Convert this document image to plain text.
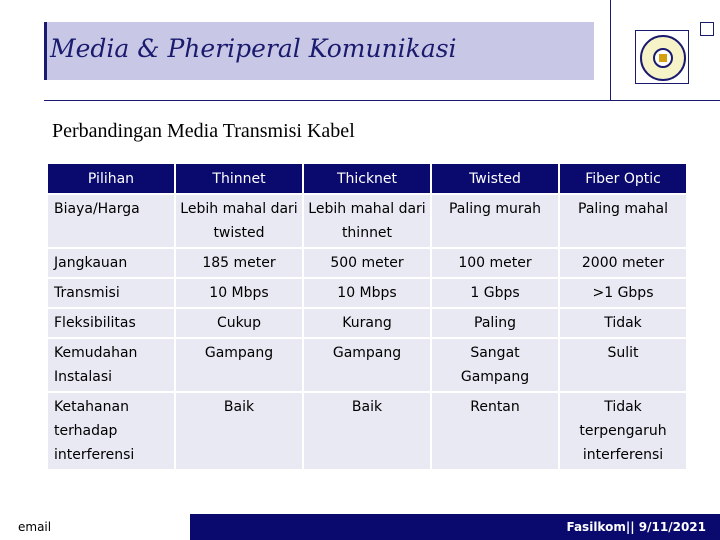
Media & Pheriperal Komunikasi
Perbandingan Media Transmisi Kabel
Pilihan	Thinnet	Thicknet	Twisted	Fiber Optic
Biaya/Harga	Lebih mahal dari twisted	Lebih mahal dari thinnet	Paling murah	Paling mahal
Jangkauan	185 meter	500 meter	100 meter	2000 meter
Transmisi	10 Mbps	10 Mbps	1 Gbps	>1 Gbps
Fleksibilitas	Cukup	Kurang	Paling	Tidak
Kemudahan Instalasi	Gampang	Gampang	Sangat Gampang	Sulit
Ketahanan terhadap interferensi	Baik	Baik	Rentan	Tidak terpengaruh interferensi
email	Fasilkom|| 9/11/2021
